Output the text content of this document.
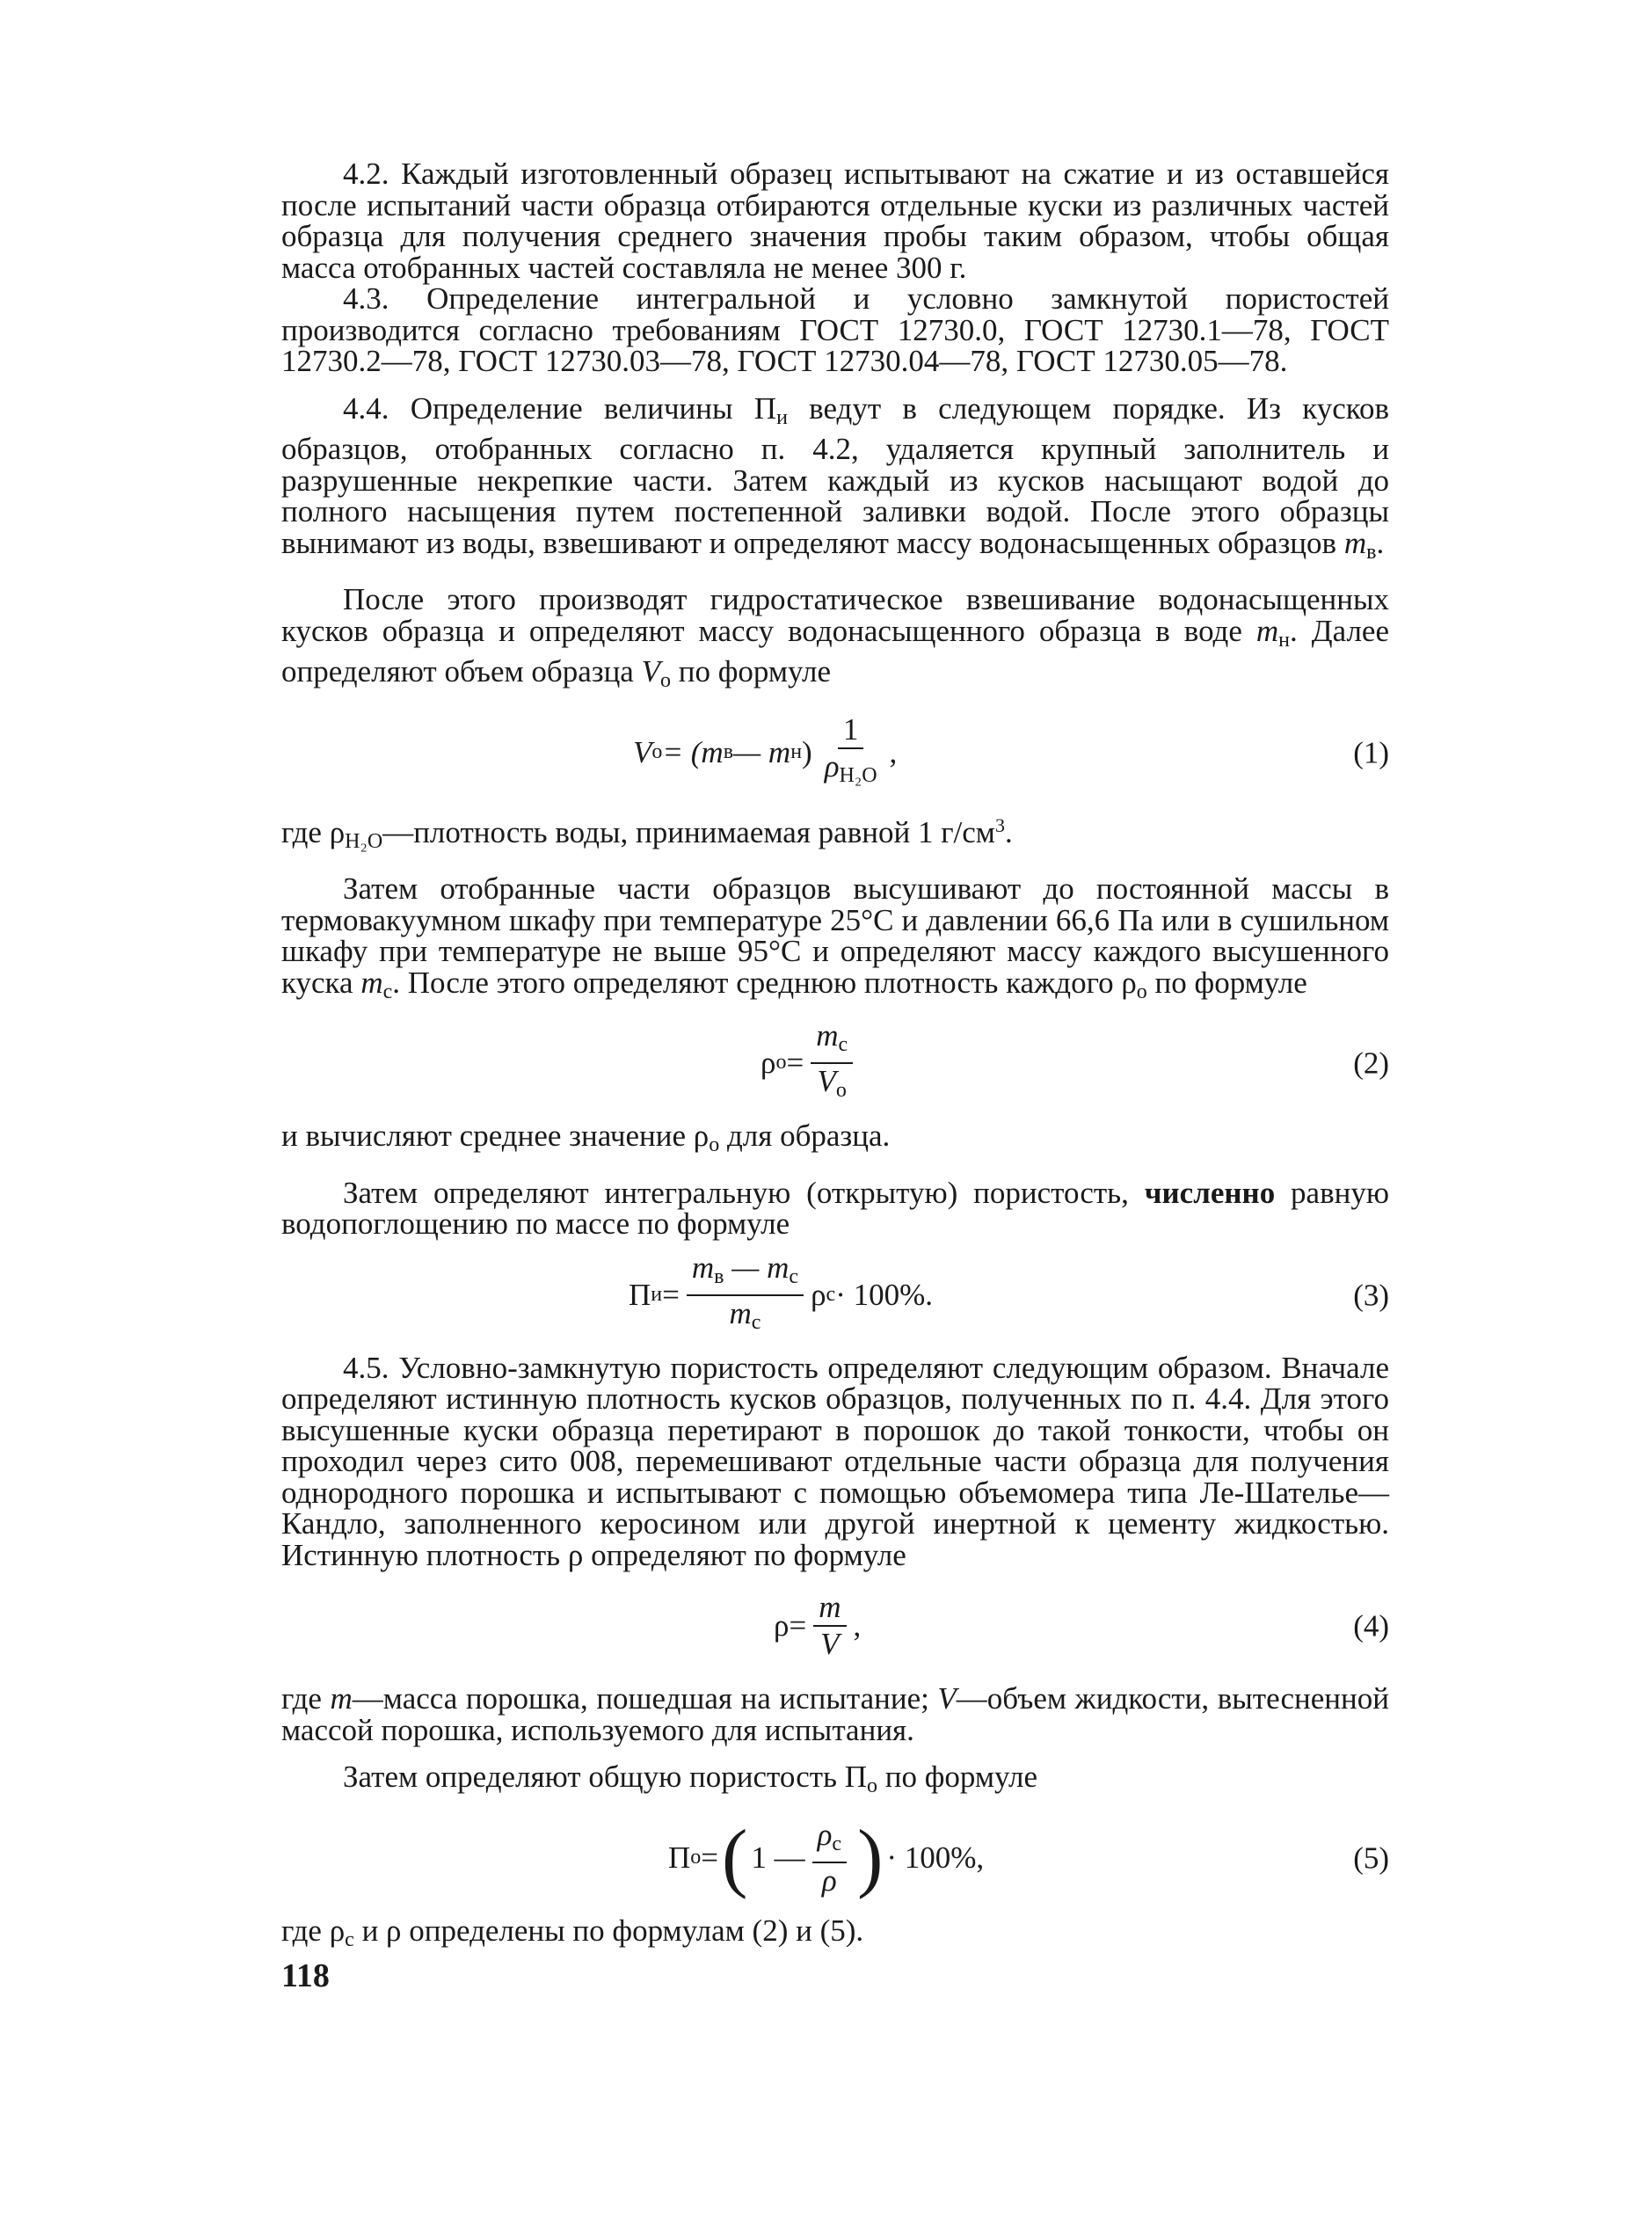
4.2. Каждый изготовленный образец испытывают на сжатие и из оставшейся после испытаний части образца отбираются отдельные куски из различных частей образца для получения среднего значения пробы таким образом, чтобы общая масса отобранных частей составляла не менее 300 г.

4.3. Определение интегральной и условно замкнутой пористостей производится согласно требованиям ГОСТ 12730.0, ГОСТ 12730.1—78, ГОСТ 12730.2—78, ГОСТ 12730.03—78, ГОСТ 12730.04—78, ГОСТ 12730.05—78.

4.4. Определение величины $П_и$ ведут в следующем порядке. Из кусков образцов, отобранных согласно п. 4.2, удаляется крупный заполнитель и разрушенные некрепкие части. Затем каждый из кусков насыщают водой до полного насыщения путем постепенной заливки водой. После этого образцы вынимают из воды, взвешивают и определяют массу водонасыщенных образцов $m_в$.

После этого производят гидростатическое взвешивание водонасыщенных кусков образца и определяют массу водонасыщенного образца в воде $m_н$. Далее определяют объем образца $V_о$ по формуле

V о = (m в — m н ) $\frac{1}{\rho_{H_2O}}$ ,	(1)

где $\rho_{H_2O}—плотность$ воды, принимаемая равной 1 $г/см^3$.

Затем отобранные части образцов высушивают до постоянной массы в термовакуумном шкафу при температуре 25°С и давлении 66,6 Па или в сушильном шкафу при температуре не выше 95°С и определяют массу каждого высушенного куска $m_с$. После этого определяют среднюю плотность каждого $\rho_о$ по формуле

ρ $о = \frac{m_с}{V_о}$	(2)

и вычисляют среднее значение $\rho_о$ для образца.

Затем определяют интегральную (открытую) пористость, численно равную водопоглощению по массе по формуле

П $и = \frac{m_в — m_с}{m_с}$ ρ с · 100%.	(3)

4.5. Условно-замкнутую пористость определяют следующим образом. Вначале определяют истинную плотность кусков образцов, полученных по п. 4.4. Для этого высушенные куски образца перетирают в порошок до такой тонкости, чтобы он проходил через сито 008, перемешивают отдельные части образца для получения однородного порошка и испытывают с помощью объемомера типа Ле-Шателье—Кандло, заполненного керосином или другой инертной к цементу жидкостью. Истинную плотность ρ определяют по формуле

$\rho = \frac{m}{V}$ ,	(4)

где m—масса порошка, пошедшая на испытание; V—объем жидкости, вытесненной массой порошка, используемого для испытания.

Затем определяют общую пористость $П_о$ по формуле

П о = ( 1 — $\frac{\rho_с}{\rho}$ ) · 100%,	(5)

где $\rho_с$ и ρ определены по формулам (2) и (5).

118
